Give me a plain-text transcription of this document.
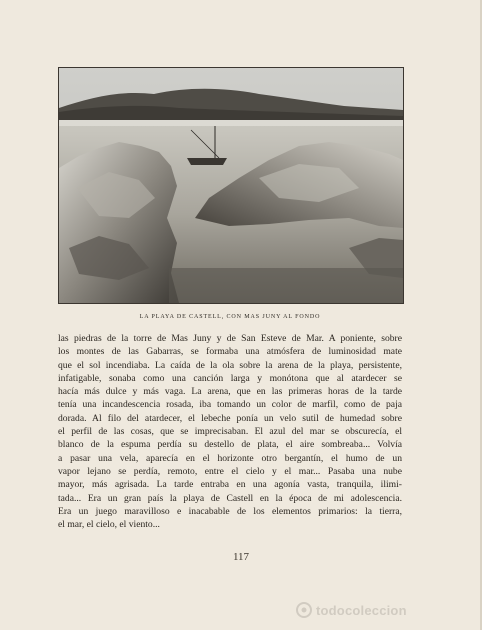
LA PLAYA DE CASTELL, CON MAS JUNY AL FONDO
las piedras de la torre de Mas Juny y de San Esteve de Mar. A poniente, sobre
los montes de las Gabarras, se formaba una atmósfera de luminosidad mate
que el sol incendiaba. La caída de la ola sobre la arena de la playa, persistente,
infatigable, sonaba como una canción larga y monótona que al atardecer se
hacía más dulce y más vaga. La arena, que en las primeras horas de la tarde
tenía una incandescencia rosada, iba tomando un color de marfil, como de paja
dorada. Al filo del atardecer, el lebeche ponía un velo sutil de humedad sobre
el perfil de las cosas, que se imprecisaban. El azul del mar se obscurecía, el
blanco de la espuma perdía su destello de plata, el aire sombreaba... Volvía
a pasar una vela, aparecía en el horizonte otro bergantín, el humo de un
vapor lejano se perdía, remoto, entre el cielo y el mar... Pasaba una nube
mayor, más agrisada. La tarde entraba en una agonía vasta, tranquila, ilimi-
tada... Era un gran país la playa de Castell en la época de mi adolescencia.
Era un juego maravilloso e inacabable de los elementos primarios: la tierra,
el mar, el cielo, el viento...
117
todocoleccion
